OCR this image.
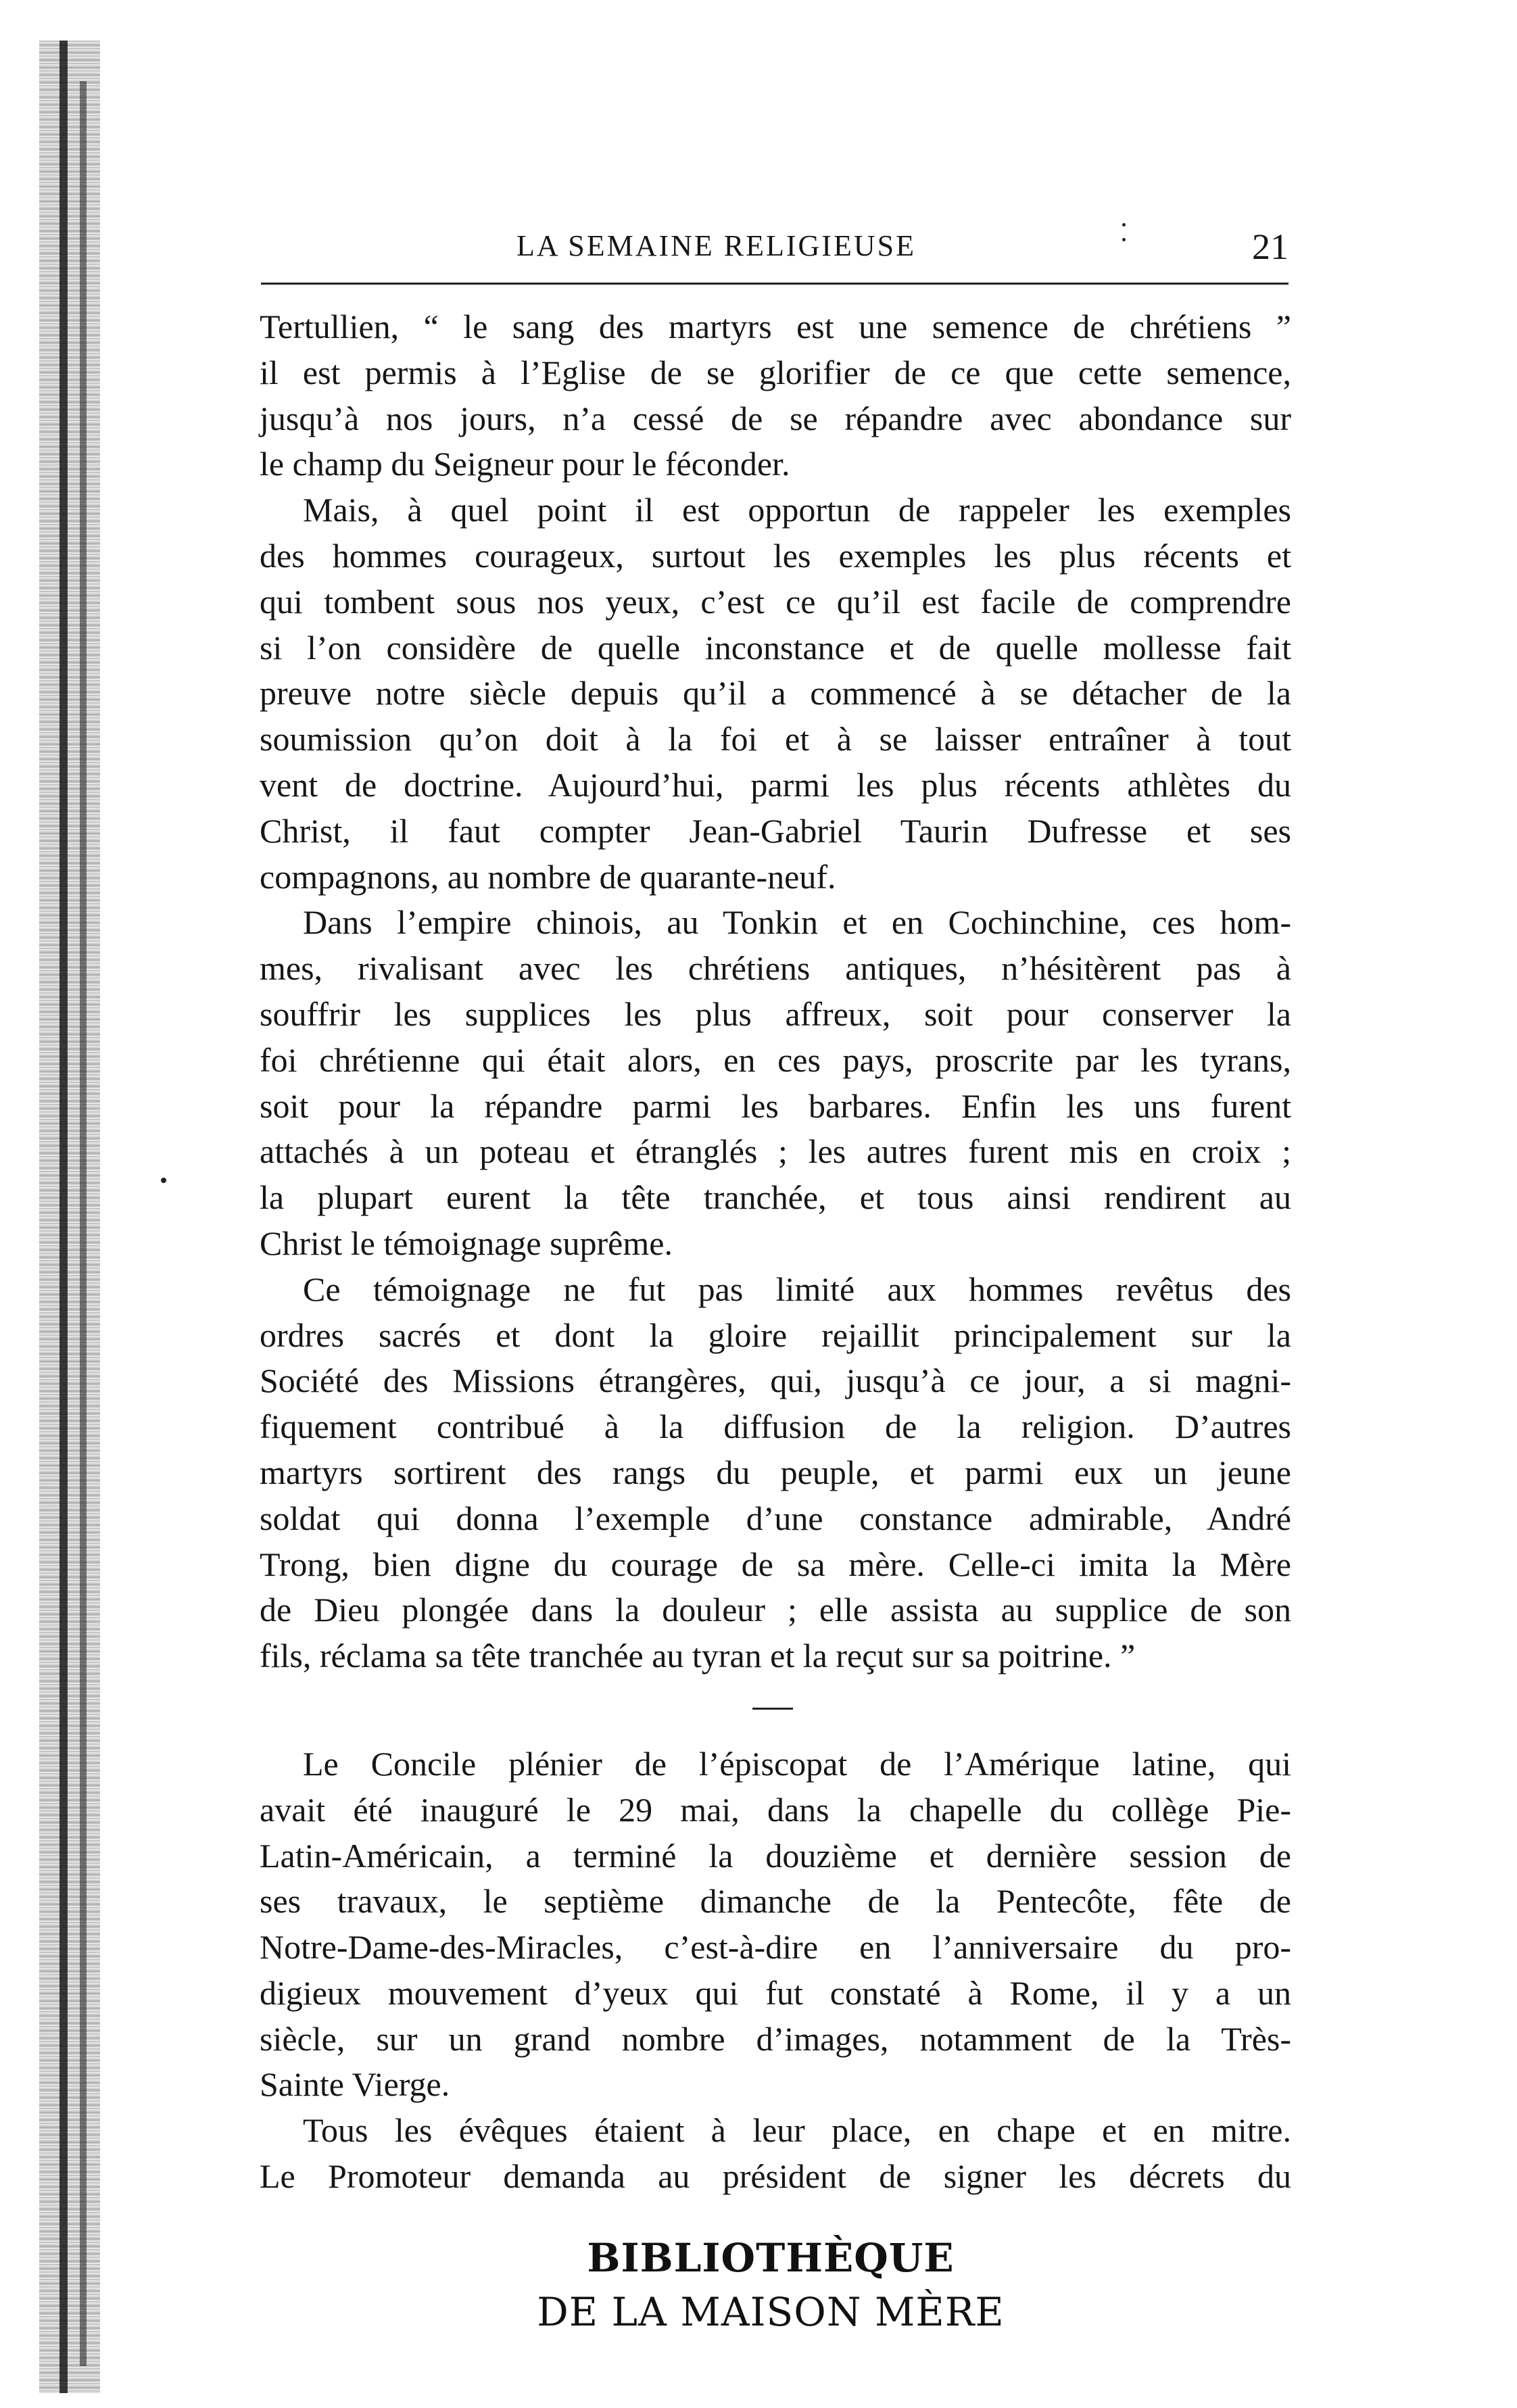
LA SEMAINE RELIGIEUSE	21

Tertullien, “ le sang des martyrs est une semence de chrétiens ”
il est permis à l’Eglise de se glorifier de ce que cette semence,
jusqu’à nos jours, n’a cessé de se répandre avec abondance sur
le champ du Seigneur pour le féconder.

Mais, à quel point il est opportun de rappeler les exemples
des hommes courageux, surtout les exemples les plus récents et
qui tombent sous nos yeux, c’est ce qu’il est facile de comprendre
si l’on considère de quelle inconstance et de quelle mollesse fait
preuve notre siècle depuis qu’il a commencé à se détacher de la
soumission qu’on doit à la foi et à se laisser entraîner à tout
vent de doctrine. Aujourd’hui, parmi les plus récents athlètes du
Christ, il faut compter Jean-Gabriel Taurin Dufresse et ses
compagnons, au nombre de quarante-neuf.

Dans l’empire chinois, au Tonkin et en Cochinchine, ces hom-
mes, rivalisant avec les chrétiens antiques, n’hésitèrent pas à
souffrir les supplices les plus affreux, soit pour conserver la
foi chrétienne qui était alors, en ces pays, proscrite par les tyrans,
soit pour la répandre parmi les barbares. Enfin les uns furent
attachés à un poteau et étranglés ; les autres furent mis en croix ;
la plupart eurent la tête tranchée, et tous ainsi rendirent au
Christ le témoignage suprême.

Ce témoignage ne fut pas limité aux hommes revêtus des
ordres sacrés et dont la gloire rejaillit principalement sur la
Société des Missions étrangères, qui, jusqu’à ce jour, a si magni-
fiquement contribué à la diffusion de la religion. D’autres
martyrs sortirent des rangs du peuple, et parmi eux un jeune
soldat qui donna l’exemple d’une constance admirable, André
Trong, bien digne du courage de sa mère. Celle-ci imita la Mère
de Dieu plongée dans la douleur ; elle assista au supplice de son
fils, réclama sa tête tranchée au tyran et la reçut sur sa poitrine. ”

Le Concile plénier de l’épiscopat de l’Amérique latine, qui
avait été inauguré le 29 mai, dans la chapelle du collège Pie-
Latin-Américain, a terminé la douzième et dernière session de
ses travaux, le septième dimanche de la Pentecôte, fête de
Notre-Dame-des-Miracles, c’est-à-dire en l’anniversaire du pro-
digieux mouvement d’yeux qui fut constaté à Rome, il y a un
siècle, sur un grand nombre d’images, notamment de la Très-
Sainte Vierge.

Tous les évêques étaient à leur place, en chape et en mitre.
Le Promoteur demanda au président de signer les décrets du

BIBLIOTHÈQUE
DE LA MAISON MÈRE
